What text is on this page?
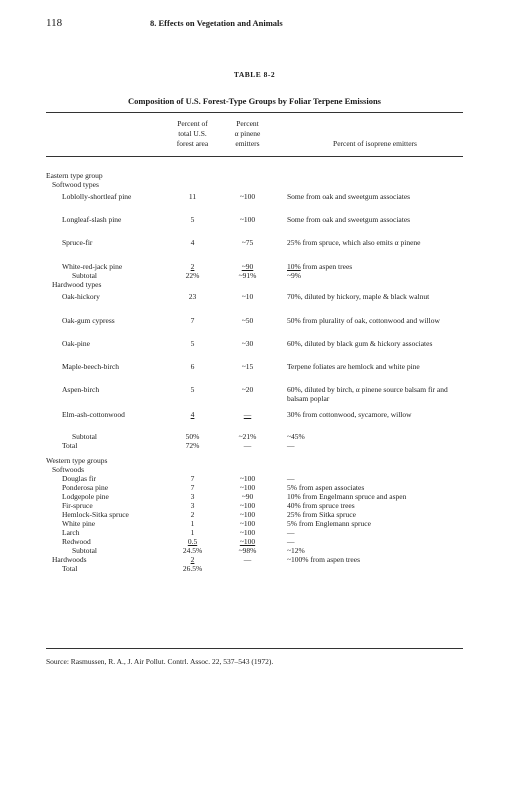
118	8. Effects on Vegetation and Animals
TABLE 8-2
Composition of U.S. Forest-Type Groups by Foliar Terpene Emissions
Percent of
total U.S.
forest area
Percent
α pinene
emitters	Percent of isoprene emitters
Eastern type group
Softwood types
Loblolly-shortleaf pine	11	~100	Some from oak and sweetgum associates
Longleaf-slash pine	5	~100	Some from oak and sweetgum associates
Spruce-fir	4	~75	25% from spruce, which also emits α pinene
White-red-jack pine	2	~90	10% from aspen trees
Subtotal	22%	~91%	~9%
Hardwood types
Oak-hickory	23	~10	70%, diluted by hickory, maple & black walnut
Oak-gum cypress	7	~50	50% from plurality of oak, cottonwood and willow
Oak-pine	5	~30	60%, diluted by black gum & hickory associates
Maple-beech-birch	6	~15	Terpene foliates are hemlock and white pine
Aspen-birch	5	~20	60%, diluted by birch, α pinene source balsam fir and balsam poplar
Elm-ash-cottonwood	4	—	30% from cottonwood, sycamore, willow
Subtotal	50%	~21%	~45%
Total	72%	—	—
Western type groups
Softwoods
Douglas fir	7	~100	—
Ponderosa pine	7	~100	5% from aspen associates
Lodgepole pine	3	~90	10% from Engelmann spruce and aspen
Fir-spruce	3	~100	40% from spruce trees
Hemlock-Sitka spruce	2	~100	25% from Sitka spruce
White pine	1	~100	5% from Englemann spruce
Larch	1	~100	—
Redwood	0.5	~100	—
Subtotal	24.5%	~98%	~12%
Hardwoods	2	—	~100% from aspen trees
Total	26.5%
Source: Rasmussen, R. A., J. Air Pollut. Contrl. Assoc. 22, 537–543 (1972).
